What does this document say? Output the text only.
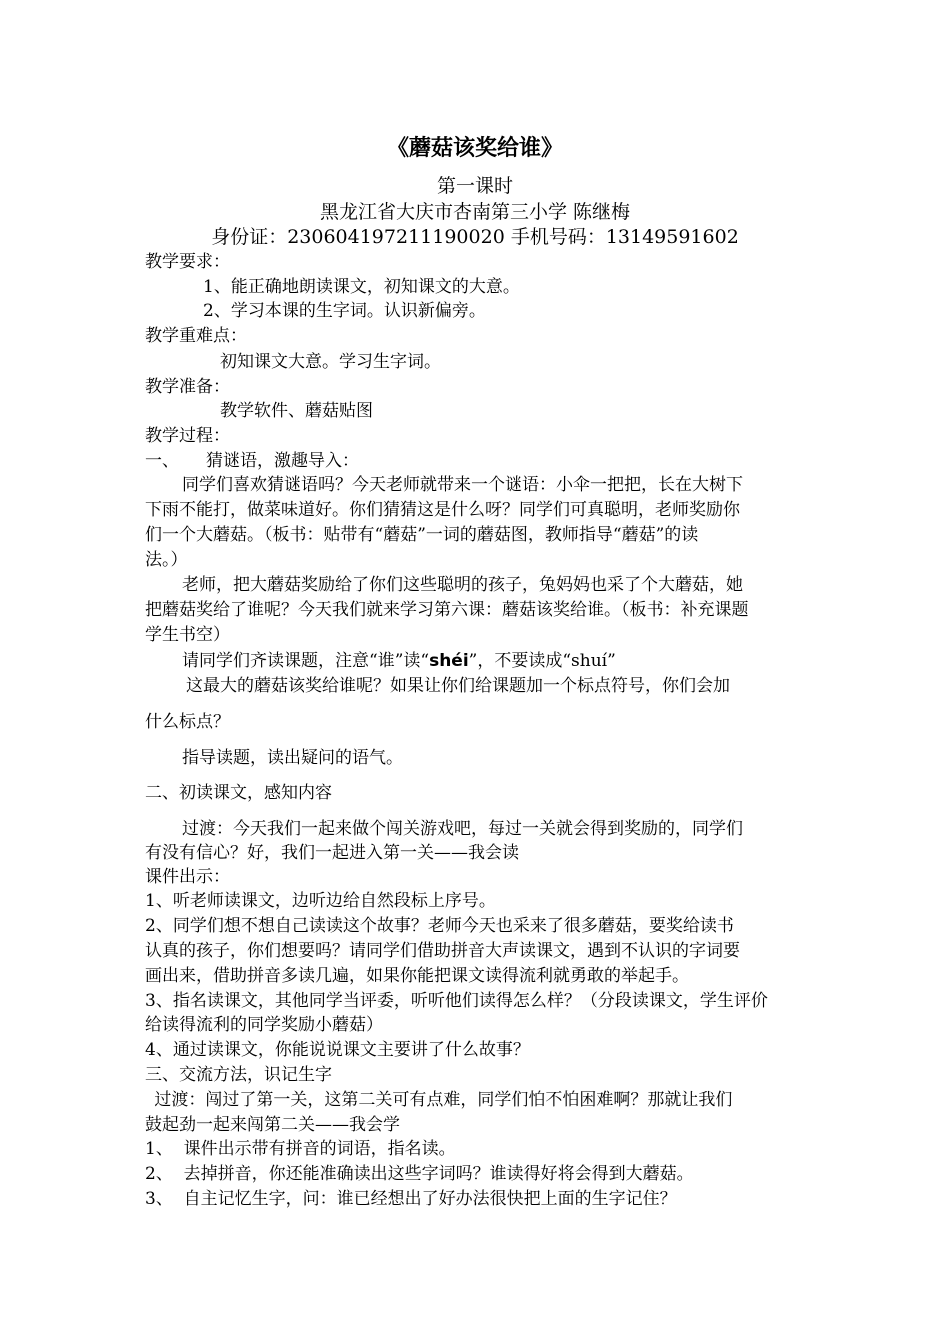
《蘑菇该奖给谁》
第一课时
黑龙江省大庆市杏南第三小学 陈继梅
身份证：230604197211190020 手机号码：13149591602
教学要求：
1、能正确地朗读课文，初知课文的大意。
2、学习本课的生字词。认识新偏旁。
教学重难点：
初知课文大意。学习生字词。
教学准备：
教学软件、蘑菇贴图
教学过程：
一、     猜谜语，激趣导入：
同学们喜欢猜谜语吗？今天老师就带来一个谜语：小伞一把把，长在大树下
下雨不能打，做菜味道好。你们猜猜这是什么呀？同学们可真聪明，老师奖励你
们一个大蘑菇。（板书：贴带有“蘑菇”一词的蘑菇图，教师指导“蘑菇”的读
法。）
老师，把大蘑菇奖励给了你们这些聪明的孩子，兔妈妈也采了个大蘑菇，她
把蘑菇奖给了谁呢？今天我们就来学习第六课：蘑菇该奖给谁。（板书：补充课题
学生书空）
请同学们齐读课题，注意“谁”读“shéi”，不要读成“shuí”
这最大的蘑菇该奖给谁呢？如果让你们给课题加一个标点符号，你们会加
什么标点？
指导读题，读出疑问的语气。
二、初读课文，感知内容
过渡：今天我们一起来做个闯关游戏吧，每过一关就会得到奖励的，同学们
有没有信心？好，我们一起进入第一关——我会读
课件出示：
1、听老师读课文，边听边给自然段标上序号。
2、同学们想不想自己读读这个故事？老师今天也采来了很多蘑菇，要奖给读书
认真的孩子，你们想要吗？请同学们借助拼音大声读课文，遇到不认识的字词要
画出来，借助拼音多读几遍，如果你能把课文读得流利就勇敢的举起手。
3、指名读课文，其他同学当评委，听听他们读得怎么样？（分段读课文，学生评价
给读得流利的同学奖励小蘑菇）
4、通过读课文，你能说说课文主要讲了什么故事？
三、交流方法，识记生字
过渡：闯过了第一关，这第二关可有点难，同学们怕不怕困难啊？那就让我们
鼓起劲一起来闯第二关——我会学
1、  课件出示带有拼音的词语，指名读。
2、  去掉拼音，你还能准确读出这些字词吗？谁读得好将会得到大蘑菇。
3、  自主记忆生字，问：谁已经想出了好办法很快把上面的生字记住？
